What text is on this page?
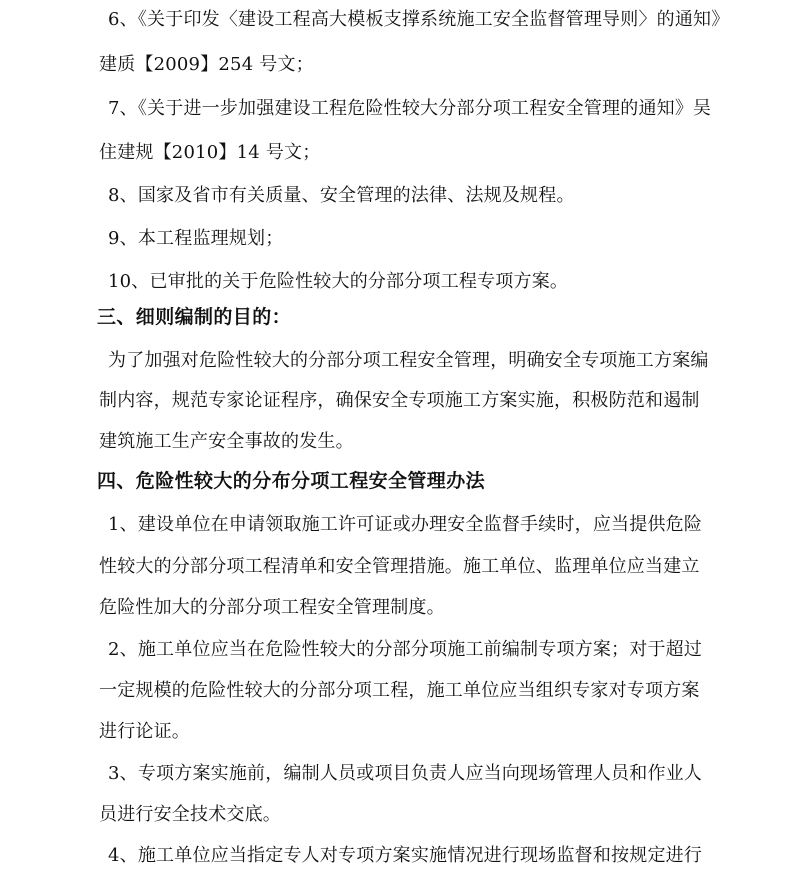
6、《关于印发〈建设工程高大模板支撑系统施工安全监督管理导则〉的通知》
建质【2009】254 号文；
7、《关于进一步加强建设工程危险性较大分部分项工程安全管理的通知》吴
住建规【2010】14 号文；
8、国家及省市有关质量、安全管理的法律、法规及规程。
9、本工程监理规划；
10、已审批的关于危险性较大的分部分项工程专项方案。
三、细则编制的目的：
为了加强对危险性较大的分部分项工程安全管理，明确安全专项施工方案编
制内容，规范专家论证程序，确保安全专项施工方案实施，积极防范和遏制
建筑施工生产安全事故的发生。
四、危险性较大的分布分项工程安全管理办法
1、建设单位在申请领取施工许可证或办理安全监督手续时，应当提供危险
性较大的分部分项工程清单和安全管理措施。施工单位、监理单位应当建立
危险性加大的分部分项工程安全管理制度。
2、施工单位应当在危险性较大的分部分项施工前编制专项方案；对于超过
一定规模的危险性较大的分部分项工程，施工单位应当组织专家对专项方案
进行论证。
3、专项方案实施前，编制人员或项目负责人应当向现场管理人员和作业人
员进行安全技术交底。
4、施工单位应当指定专人对专项方案实施情况进行现场监督和按规定进行
